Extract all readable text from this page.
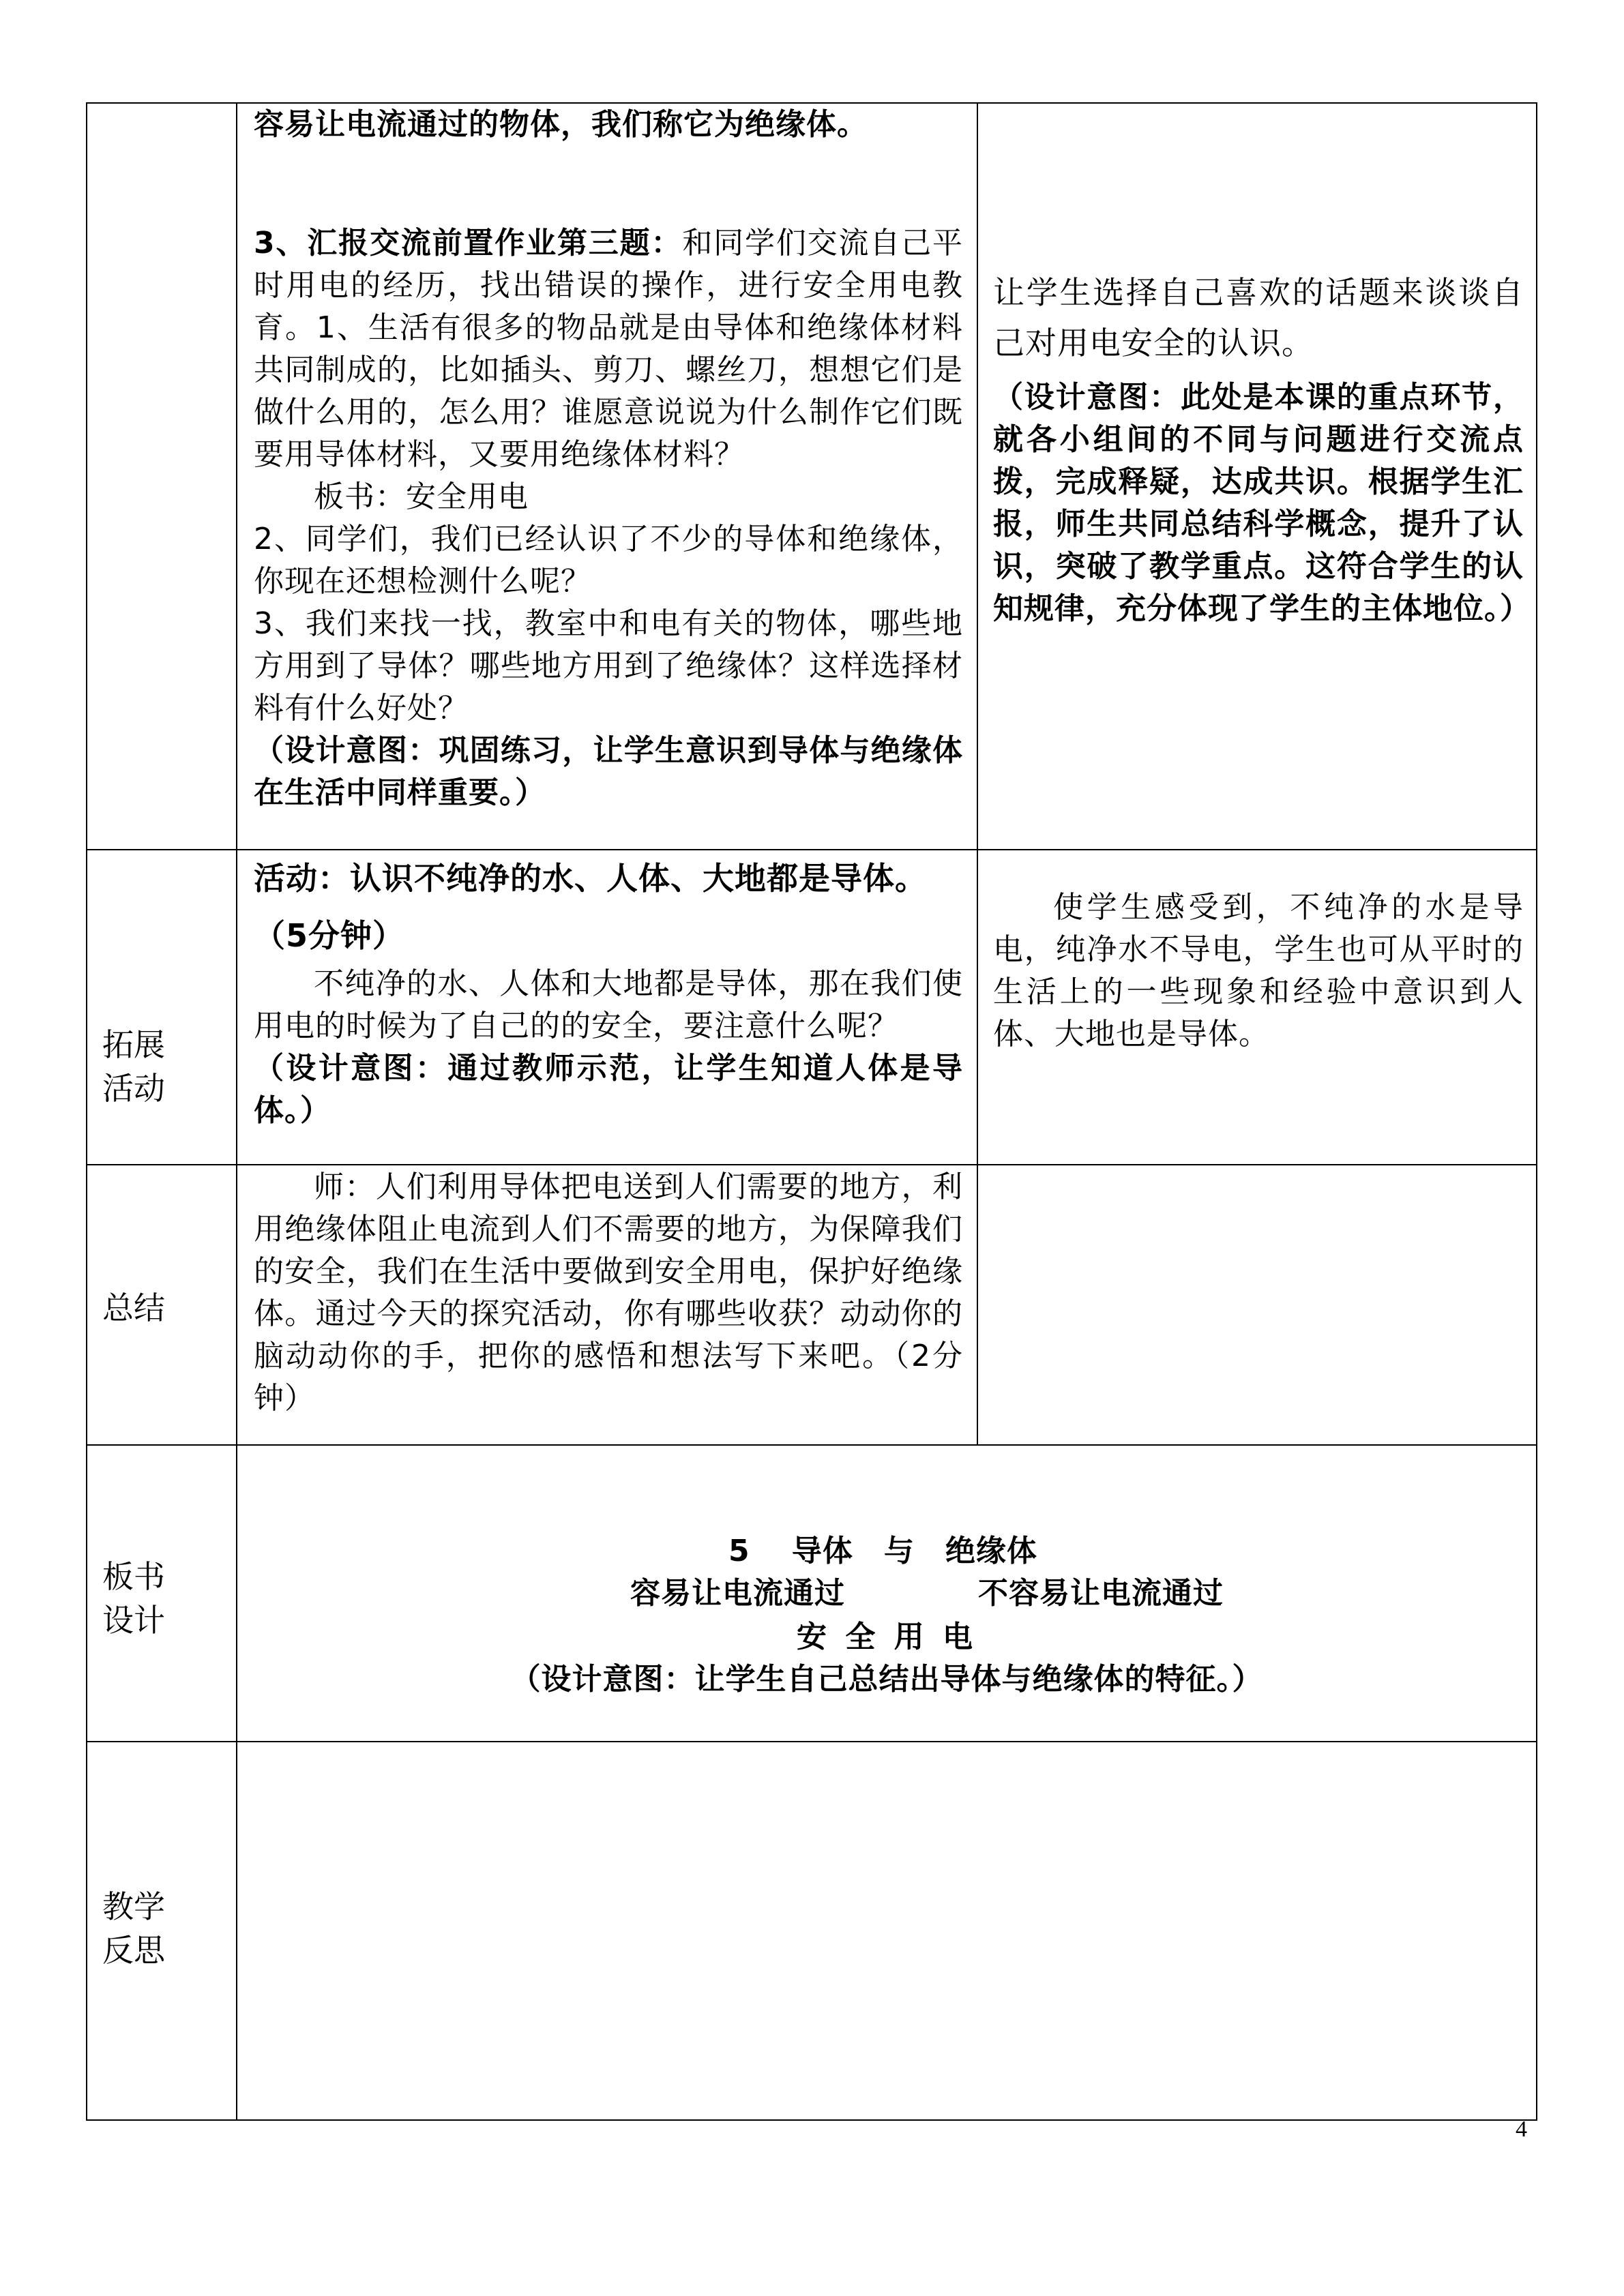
容易让电流通过的物体，我们称它为绝缘体。

3、汇报交流前置作业第三题：和同学们交流自己平时用电的经历，找出错误的操作，进行安全用电教育。1、生活有很多的物品就是由导体和绝缘体材料共同制成的，比如插头、剪刀、螺丝刀，想想它们是做什么用的，怎么用？谁愿意说说为什么制作它们既要用导体材料，又要用绝缘体材料？

板书：安全用电

2、同学们，我们已经认识了不少的导体和绝缘体，你现在还想检测什么呢？

3、我们来找一找，教室中和电有关的物体，哪些地方用到了导体？哪些地方用到了绝缘体？这样选择材料有什么好处？

（设计意图：巩固练习，让学生意识到导体与绝缘体在生活中同样重要。）

让学生选择自己喜欢的话题来谈谈自己对用电安全的认识。

（设计意图：此处是本课的重点环节，就各小组间的不同与问题进行交流点拨，完成释疑，达成共识。根据学生汇报，师生共同总结科学概念，提升了认识，突破了教学重点。这符合学生的认知规律，充分体现了学生的主体地位。）

拓展

活动

活动：认识不纯净的水、人体、大地都是导体。
（5分钟）

不纯净的水、人体和大地都是导体，那在我们使用电的时候为了自己的的安全，要注意什么呢？

（设计意图：通过教师示范，让学生知道人体是导体。）

使学生感受到，不纯净的水是导电，纯净水不导电，学生也可从平时的生活上的一些现象和经验中意识到人体、大地也是导体。
总结
师：人们利用导体把电送到人们需要的地方，利用绝缘体阻止电流到人们不需要的地方，为保障我们的安全，我们在生活中要做到安全用电，保护好绝缘体。通过今天的探究活动，你有哪些收获？动动你的脑动动你的手，把你的感悟和想法写下来吧。（2分钟）

板书

设计

5　 导体　与　绝缘体
容易让电流通过	不容易让电流通过
安 全 用 电
（设计意图：让学生自己总结出导体与绝缘体的特征。）

教学

反思

4
